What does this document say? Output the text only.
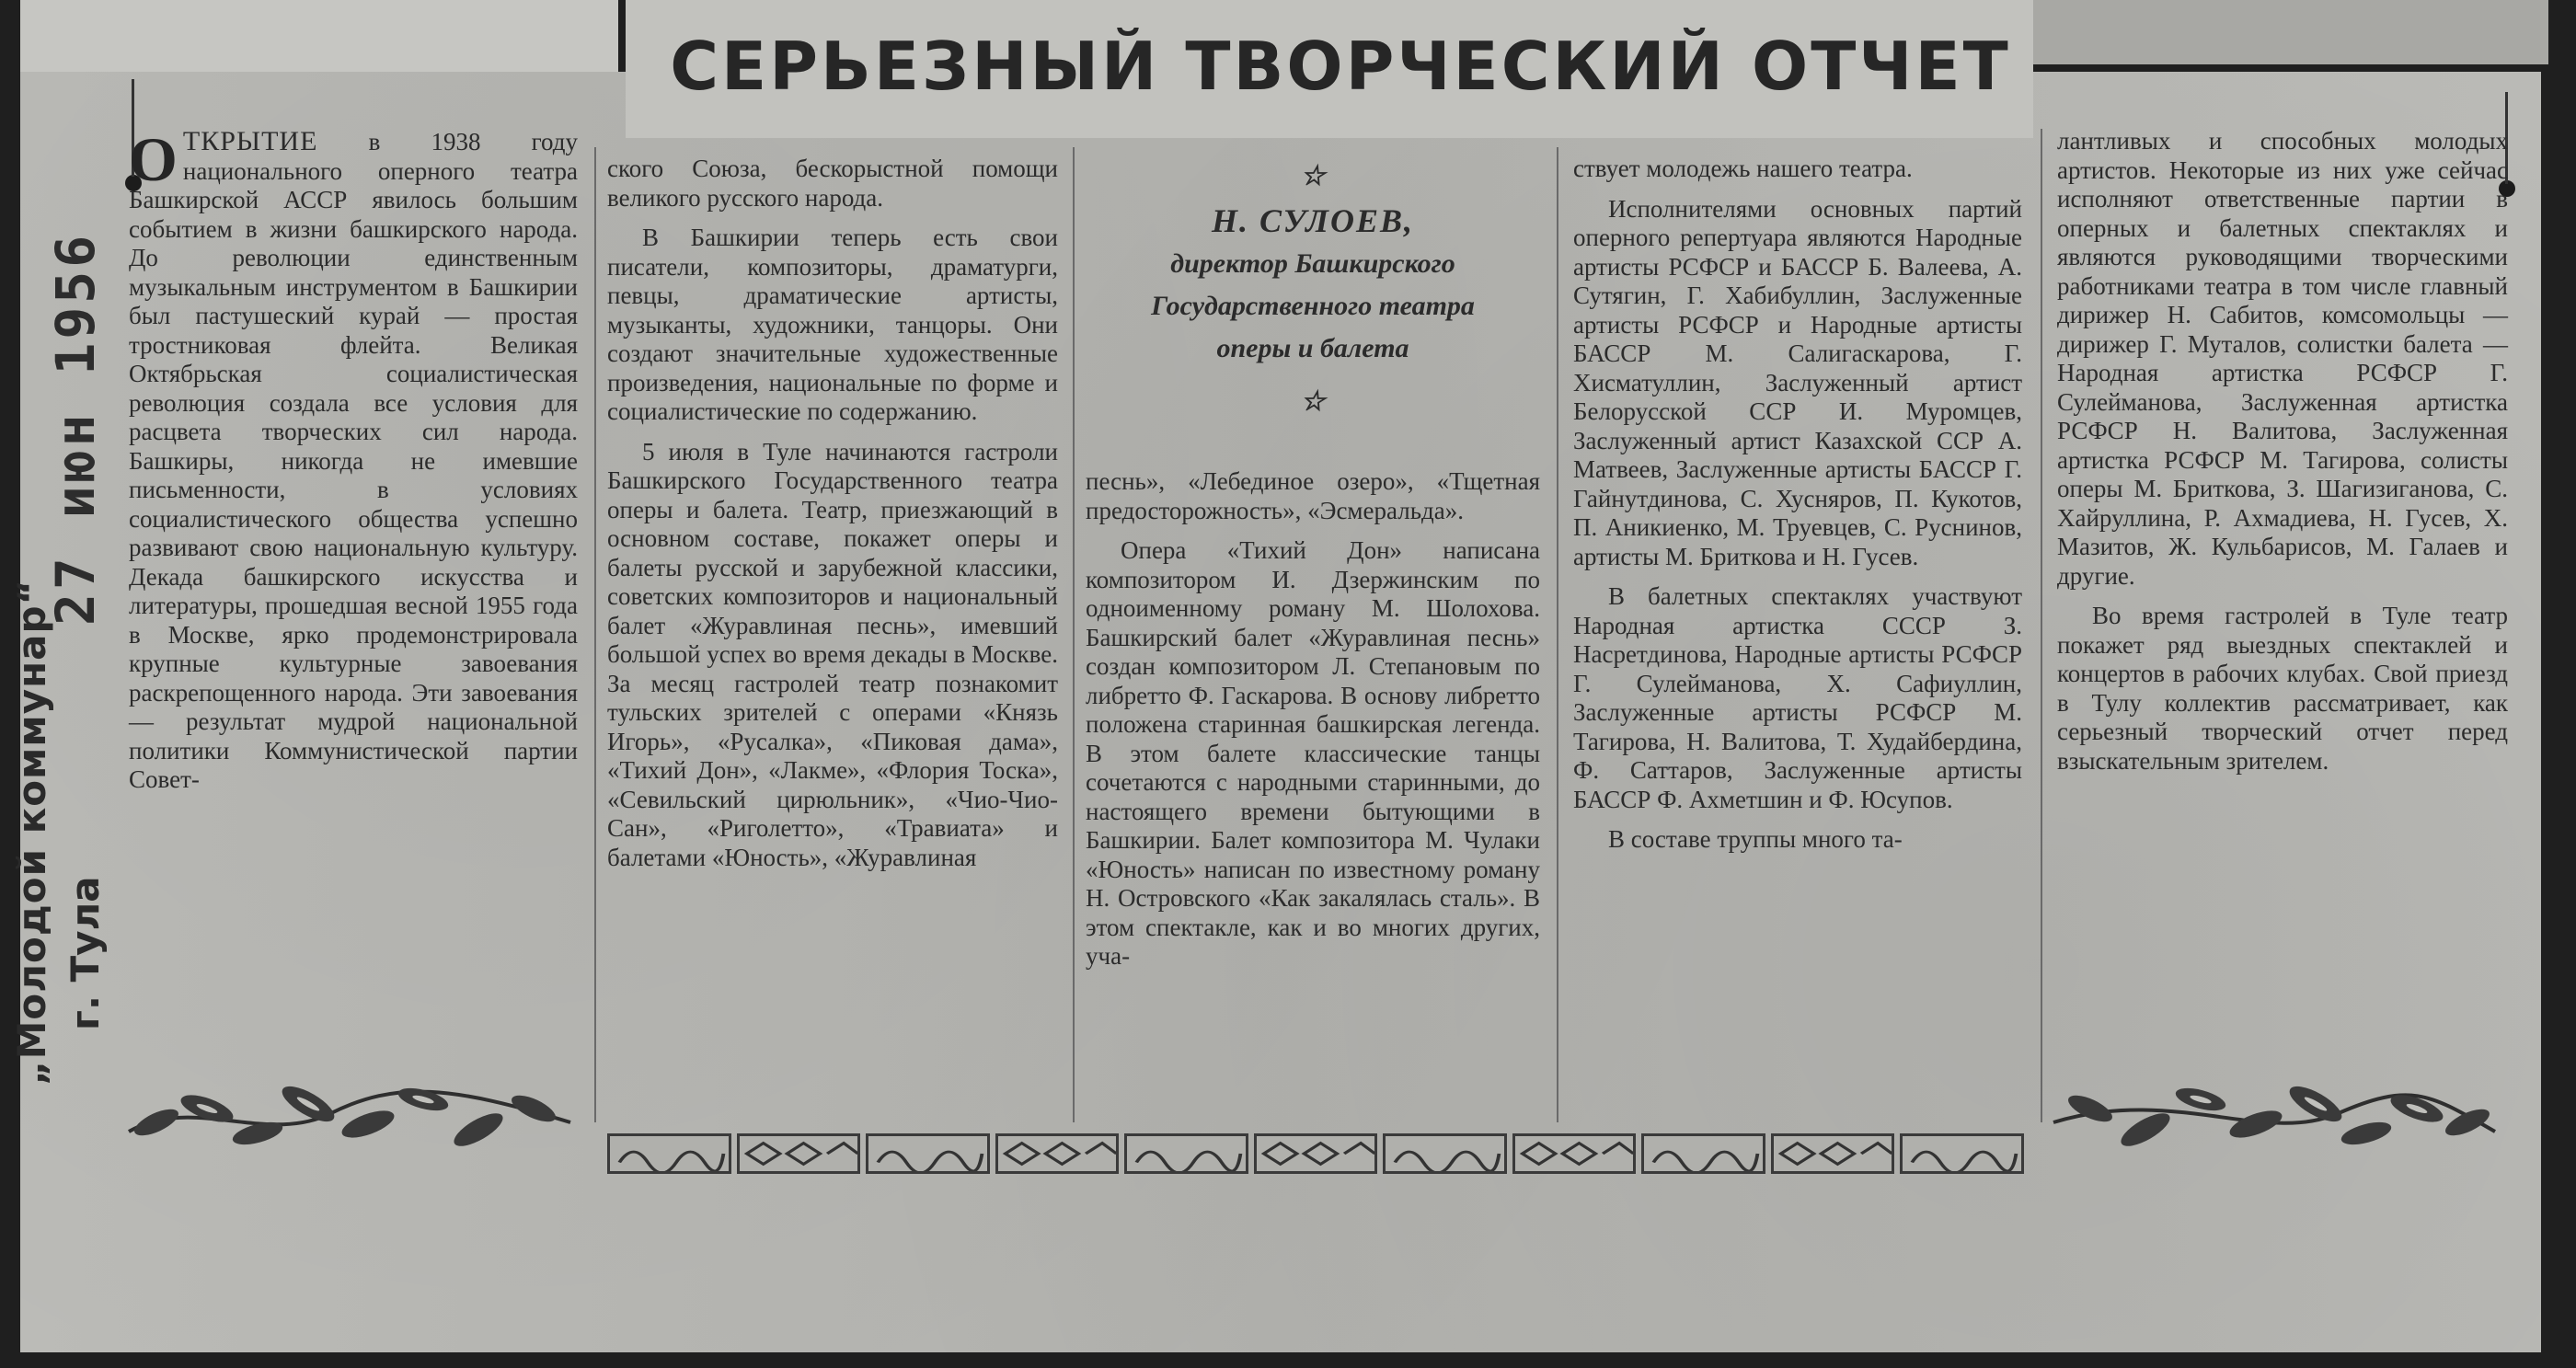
СЕРЬЕЗНЫЙ ТВОРЧЕСКИЙ ОТЧЕТ
27 июн 1956
„Молодой коммунар“ г. Тула

ОТКРЫТИЕ в 1938 году национального оперного театра Башкирской АССР явилось большим событием в жизни башкирского народа. До революции единственным музыкальным инструментом в Башкирии был пастушеский курай — простая тростниковая флейта. Великая Октябрьская социалистическая революция создала все условия для расцвета творческих сил народа. Башкиры, никогда не имевшие письменности, в условиях социалистического общества успешно развивают свою национальную культуру. Декада башкирского искусства и литературы, прошедшая весной 1955 года в Москве, ярко продемонстрировала крупные культурные завоевания раскрепощенного народа. Эти завоевания — результат мудрой национальной политики Коммунистической партии Совет-

ского Союза, бескорыстной помощи великого русского народа.

В Башкирии теперь есть свои писатели, композиторы, драматурги, певцы, драматические артисты, музыканты, художники, танцоры. Они создают значительные художественные произведения, национальные по форме и социалистические по содержанию.

5 июля в Туле начинаются гастроли Башкирского Государственного театра оперы и балета. Театр, приезжающий в основном составе, покажет оперы и балеты русской и зарубежной классики, советских композиторов и национальный балет «Журавлиная песнь», имевший большой успех во время декады в Москве. За месяц гастролей театр познакомит тульских зрителей с операми «Князь Игорь», «Русалка», «Пиковая дама», «Тихий Дон», «Лакме», «Флория Тоска», «Севильский цирюльник», «Чио-Чио-Сан», «Риголетто», «Травиата» и балетами «Юность», «Журавлиная

☆
Н. СУЛОЕВ,
директор Башкирского
Государственного театра
оперы и балета
☆

песнь», «Лебединое озеро», «Тщетная предосторожность», «Эсмеральда».

Опера «Тихий Дон» написана композитором И. Дзержинским по одноименному роману М. Шолохова. Башкирский балет «Журавлиная песнь» создан композитором Л. Степановым по либретто Ф. Гаскарова. В основу либретто положена старинная башкирская легенда. В этом балете классические танцы сочетаются с народными старинными, до настоящего времени бытующими в Башкирии. Балет композитора М. Чулаки «Юность» написан по известному роману Н. Островского «Как закалялась сталь». В этом спектакле, как и во многих других, уча-

ствует молодежь нашего театра.

Исполнителями основных партий оперного репертуара являются Народные артисты РСФСР и БАССР Б. Валеева, А. Сутягин, Г. Хабибуллин, Заслуженные артисты РСФСР и Народные артисты БАССР М. Салигаскарова, Г. Хисматуллин, Заслуженный артист Белорусской ССР И. Муромцев, Заслуженный артист Казахской ССР А. Матвеев, Заслуженные артисты БАССР Г. Гайнутдинова, С. Хусняров, П. Кукотов, П. Аникиенко, М. Труевцев, С. Руснинов, артисты М. Бриткова и Н. Гусев.

В балетных спектаклях участвуют Народная артистка СССР З. Насретдинова, Народные артисты РСФСР Г. Сулейманова, Х. Сафиуллин, Заслуженные артисты РСФСР М. Тагирова, Н. Валитова, Т. Худайбердина, Ф. Саттаров, Заслуженные артисты БАССР Ф. Ахметшин и Ф. Юсупов.

В составе труппы много та-

лантливых и способных молодых артистов. Некоторые из них уже сейчас исполняют ответственные партии в оперных и балетных спектаклях и являются руководящими творческими работниками театра в том числе главный дирижер Н. Сабитов, комсомольцы — дирижер Г. Муталов, солистки балета — Народная артистка РСФСР Г. Сулейманова, Заслуженная артистка РСФСР Н. Валитова, Заслуженная артистка РСФСР М. Тагирова, солисты оперы М. Бриткова, З. Шагизиганова, С. Хайруллина, Р. Ахмадиева, Н. Гусев, Х. Мазитов, Ж. Кульбарисов, М. Галаев и другие.

Во время гастролей в Туле театр покажет ряд выездных спектаклей и концертов в рабочих клубах. Свой приезд в Тулу коллектив рассматривает, как серьезный творческий отчет перед взыскательным зрителем.
